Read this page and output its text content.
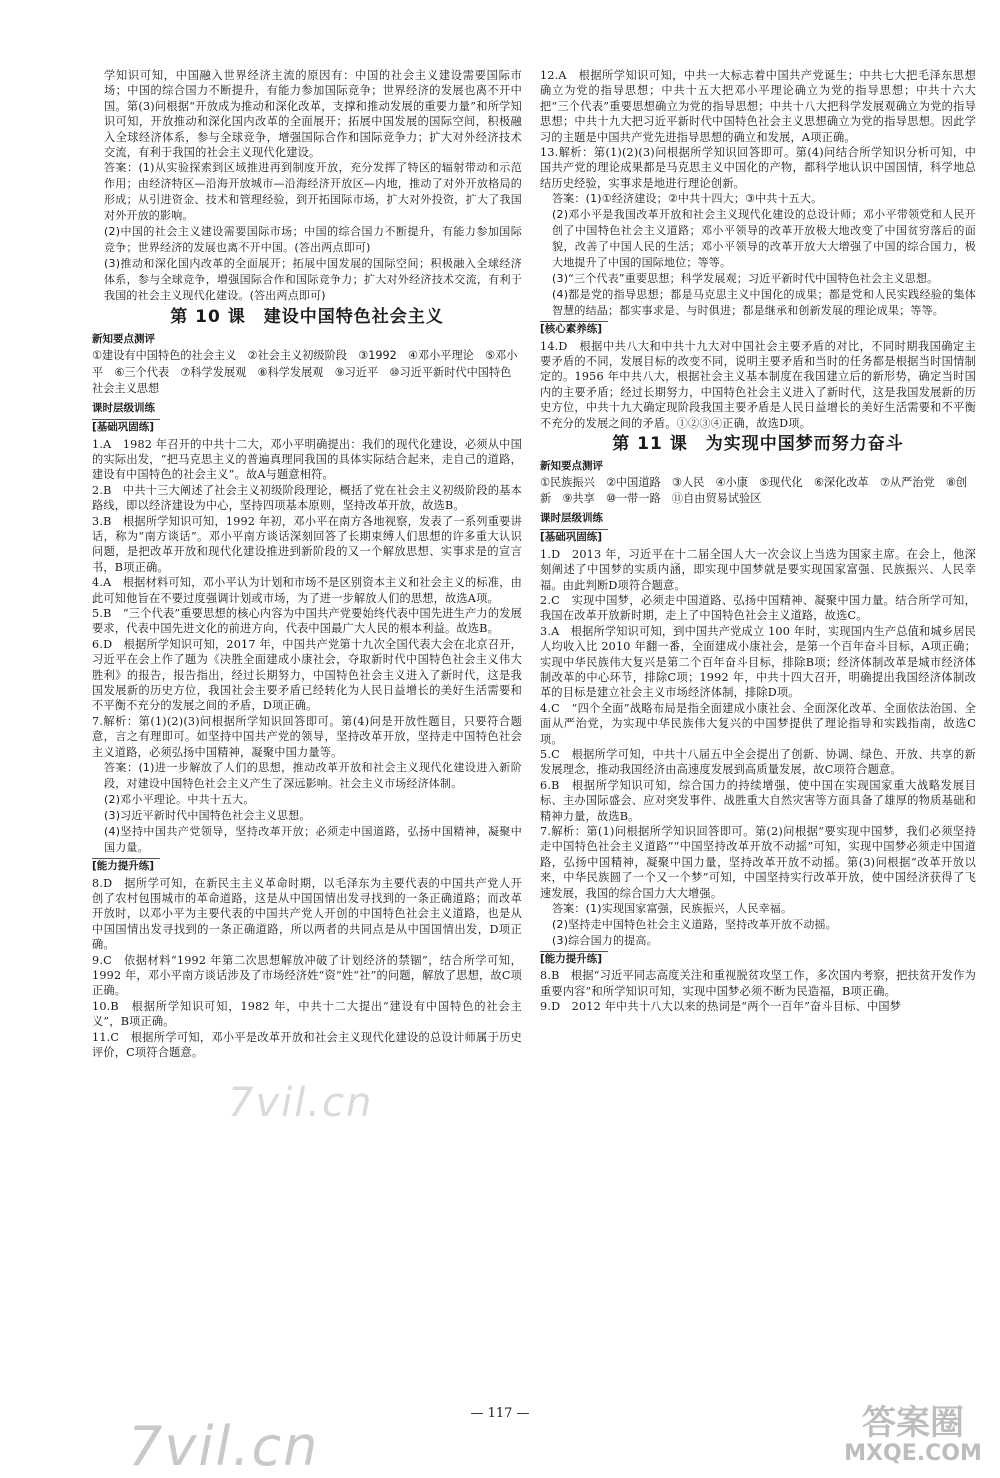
学知识可知，中国融入世界经济主流的原因有：中国的社会主义建设需要国际市场；中国的综合国力不断提升，有能力参加国际竞争；世界经济的发展也离不开中国。第(3)问根据“开放成为推动和深化改革，支撑和推动发展的重要力量”和所学知识可知，开放推动和深化国内改革的全面展开；拓展中国发展的国际空间，积极融入全球经济体系，参与全球竞争，增强国际合作和国际竞争力；扩大对外经济技术交流，有利于我国的社会主义现代化建设。

答案：(1)从实验探索到区域推进再到制度开放，充分发挥了特区的辐射带动和示范作用；由经济特区—沿海开放城市—沿海经济开放区—内地，推动了对外开放格局的形成；从引进资金、技术和管理经验，到开拓国际市场，扩大对外投资，扩大了我国对外开放的影响。

(2)中国的社会主义建设需要国际市场；中国的综合国力不断提升，有能力参加国际竞争；世界经济的发展也离不开中国。(答出两点即可)

(3)推动和深化国内改革的全面展开；拓展中国发展的国际空间；积极融入全球经济体系，参与全球竞争，增强国际合作和国际竞争力；扩大对外经济技术交流，有利于我国的社会主义现代化建设。(答出两点即可)

第 10 课　建设中国特色社会主义
新知要点测评
①建设有中国特色的社会主义　②社会主义初级阶段　③1992　④邓小平理论　⑤邓小平　⑥三个代表　⑦科学发展观　⑧科学发展观　⑨习近平　⑩习近平新时代中国特色社会主义思想
课时层级训练
[基础巩固练]

1.A　1982 年召开的中共十二大，邓小平明确提出：我们的现代化建设，必须从中国的实际出发，“把马克思主义的普遍真理同我国的具体实际结合起来，走自己的道路，建设有中国特色的社会主义”。故A与题意相符。

2.B　中共十三大阐述了社会主义初级阶段理论，概括了党在社会主义初级阶段的基本路线，即以经济建设为中心，坚持四项基本原则，坚持改革开放，故选B。

3.B　根据所学知识可知，1992 年初，邓小平在南方各地视察，发表了一系列重要讲话，称为“南方谈话”。邓小平南方谈话深刻回答了长期束缚人们思想的许多重大认识问题，是把改革开放和现代化建设推进到新阶段的又一个解放思想、实事求是的宣言书，B项正确。

4.A　根据材料可知，邓小平认为计划和市场不是区别资本主义和社会主义的标准，由此可知他旨在不要过度强调计划或市场，为了进一步解放人们的思想，故选A项。

5.B　“三个代表”重要思想的核心内容为中国共产党要始终代表中国先进生产力的发展要求，代表中国先进文化的前进方向，代表中国最广大人民的根本利益。故选B。

6.D　根据所学知识可知，2017 年，中国共产党第十九次全国代表大会在北京召开，习近平在会上作了题为《决胜全面建成小康社会，夺取新时代中国特色社会主义伟大胜利》的报告，报告指出，经过长期努力，中国特色社会主义进入了新时代，这是我国发展新的历史方位，我国社会主要矛盾已经转化为人民日益增长的美好生活需要和不平衡不充分的发展之间的矛盾，D项正确。

7.解析：第(1)(2)(3)问根据所学知识回答即可。第(4)问是开放性题目，只要符合题意，言之有理即可。如坚持中国共产党的领导，坚持改革开放，坚持走中国特色社会主义道路，必须弘扬中国精神，凝聚中国力量等。

答案：(1)进一步解放了人们的思想，推动改革开放和社会主义现代化建设进入新阶段，对建设中国特色社会主义产生了深远影响。社会主义市场经济体制。

(2)邓小平理论。中共十五大。

(3)习近平新时代中国特色社会主义思想。

(4)坚持中国共产党领导，坚持改革开放；必须走中国道路，弘扬中国精神，凝聚中国力量。

[能力提升练]

8.D　据所学可知，在新民主主义革命时期，以毛泽东为主要代表的中国共产党人开创了农村包围城市的革命道路，这是从中国国情出发寻找到的一条正确道路；而改革开放时，以邓小平为主要代表的中国共产党人开创的中国特色社会主义道路，也是从中国国情出发寻找到的一条正确道路，所以两者的共同点是从中国国情出发，D项正确。

9.C　依据材料“1992 年第二次思想解放冲破了计划经济的禁锢”，结合所学可知，1992 年，邓小平南方谈话涉及了市场经济姓“资”姓“社”的问题，解放了思想，故C项正确。

10.B　根据所学知识可知，1982 年，中共十二大提出“建设有中国特色的社会主义”，B项正确。

11.C　根据所学可知，邓小平是改革开放和社会主义现代化建设的总设计师属于历史评价，C项符合题意。

12.A　根据所学知识可知，中共一大标志着中国共产党诞生；中共七大把毛泽东思想确立为党的指导思想；中共十五大把邓小平理论确立为党的指导思想；中共十六大把“三个代表”重要思想确立为党的指导思想；中共十八大把科学发展观确立为党的指导思想；中共十九大把习近平新时代中国特色社会主义思想确立为党的指导思想。因此学习的主题是中国共产党先进指导思想的确立和发展，A项正确。

13.解析：第(1)(2)(3)问根据所学知识回答即可。第(4)问结合所学知识分析可知，中国共产党的理论成果都是马克思主义中国化的产物，都科学地认识中国国情，科学地总结历史经验，实事求是地进行理论创新。

答案：(1)①经济建设；②中共十四大；③中共十五大。

(2)邓小平是我国改革开放和社会主义现代化建设的总设计师；邓小平带领党和人民开创了中国特色社会主义道路；邓小平领导的改革开放极大地改变了中国贫穷落后的面貌，改善了中国人民的生活；邓小平领导的改革开放大大增强了中国的综合国力，极大地提升了中国的国际地位；等等。

(3)“三个代表”重要思想；科学发展观；习近平新时代中国特色社会主义思想。

(4)都是党的指导思想；都是马克思主义中国化的成果；都是党和人民实践经验的集体智慧的结晶；都实事求是、与时俱进；都是继承和创新发展的理论成果；等等。

[核心素养练]

14.D　根据中共八大和中共十九大对中国社会主要矛盾的对比，不同时期我国确定主要矛盾的不同，发展目标的改变不同，说明主要矛盾和当时的任务都是根据当时国情制定的。1956 年中共八大，根据社会主义基本制度在我国建立后的新形势，确定当时国内的主要矛盾；经过长期努力，中国特色社会主义进入了新时代，这是我国发展新的历史方位，中共十九大确定现阶段我国主要矛盾是人民日益增长的美好生活需要和不平衡不充分的发展之间的矛盾。①②③④正确，故选D项。

第 11 课　为实现中国梦而努力奋斗
新知要点测评
①民族振兴　②中国道路　③人民　④小康　⑤现代化　⑥深化改革　⑦从严治党　⑧创新　⑨共享　⑩一带一路　⑪自由贸易试验区
课时层级训练
[基础巩固练]

1.D　2013 年，习近平在十二届全国人大一次会议上当选为国家主席。在会上，他深刻阐述了中国梦的实质内涵，即实现中国梦就是要实现国家富强、民族振兴、人民幸福。由此判断D项符合题意。

2.C　实现中国梦，必须走中国道路、弘扬中国精神、凝聚中国力量。结合所学可知，我国在改革开放新时期，走上了中国特色社会主义道路，故选C。

3.A　根据所学知识可知，到中国共产党成立 100 年时，实现国内生产总值和城乡居民人均收入比 2010 年翻一番，全面建成小康社会，是第一个百年奋斗目标，A项正确；实现中华民族伟大复兴是第二个百年奋斗目标，排除B项；经济体制改革是城市经济体制改革的中心环节，排除C项；1992 年，中共十四大召开，明确提出我国经济体制改革的目标是建立社会主义市场经济体制，排除D项。

4.C　“四个全面”战略布局是指全面建成小康社会、全面深化改革、全面依法治国、全面从严治党，为实现中华民族伟大复兴的中国梦提供了理论指导和实践指南，故选C项。

5.C　根据所学可知，中共十八届五中全会提出了创新、协调、绿色、开放、共享的新发展理念，推动我国经济由高速度发展到高质量发展，故C项符合题意。

6.B　根据所学知识可知，综合国力的持续增强，使中国在实现国家重大战略发展目标、主办国际盛会、应对突发事件、战胜重大自然灾害等方面具备了雄厚的物质基础和精神力量，故选B。

7.解析：第(1)问根据所学知识回答即可。第(2)问根据“要实现中国梦，我们必须坚持走中国特色社会主义道路”“中国坚持改革开放不动摇”可知，实现中国梦必须走中国道路，弘扬中国精神，凝聚中国力量，坚持改革开放不动摇。第(3)问根据“改革开放以来，中华民族圆了一个又一个梦”可知，中国坚持实行改革开放，使中国经济获得了飞速发展，我国的综合国力大大增强。

答案：(1)实现国家富强，民族振兴，人民幸福。

(2)坚持走中国特色社会主义道路，坚持改革开放不动摇。

(3)综合国力的提高。

[能力提升练]

8.B　根据“习近平同志高度关注和重视脱贫攻坚工作，多次国内考察，把扶贫开发作为重要内容”和所学知识可知，实现中国梦必须不断为民造福，B项正确。

9.D　2012 年中共十八大以来的热词是“两个一百年”奋斗目标、中国梦

— 117 —
7vil.cn
7vil.cn	答案圈
MXQE.COM
